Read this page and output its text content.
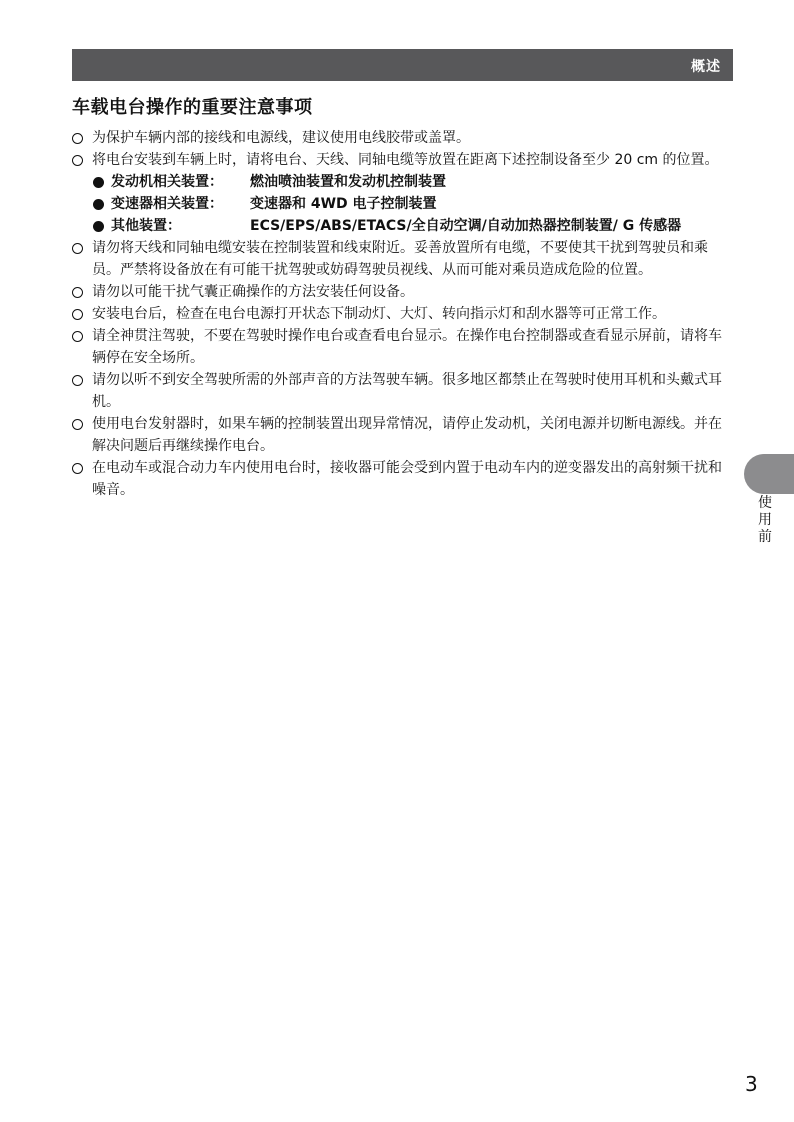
概述
车载电台操作的重要注意事项
为保护车辆内部的接线和电源线，建议使用电线胶带或盖罩。
将电台安装到车辆上时，请将电台、天线、同轴电缆等放置在距离下述控制设备至少 20 cm 的位置。
发动机相关装置：	燃油喷油装置和发动机控制装置
变速器相关装置：	变速器和 4WD 电子控制装置
其他装置：	ECS/EPS/ABS/ETACS/全自动空调/自动加热器控制装置/ G 传感器
请勿将天线和同轴电缆安装在控制装置和线束附近。妥善放置所有电缆，不要使其干扰到驾驶员和乘员。严禁将设备放在有可能干扰驾驶或妨碍驾驶员视线、从而可能对乘员造成危险的位置。
请勿以可能干扰气囊正确操作的方法安装任何设备。
安装电台后，检查在电台电源打开状态下制动灯、大灯、转向指示灯和刮水器等可正常工作。
请全神贯注驾驶，不要在驾驶时操作电台或查看电台显示。在操作电台控制器或查看显示屏前，请将车辆停在安全场所。
请勿以听不到安全驾驶所需的外部声音的方法驾驶车辆。很多地区都禁止在驾驶时使用耳机和头戴式耳机。
使用电台发射器时，如果车辆的控制装置出现异常情况，请停止发动机，关闭电源并切断电源线。并在解决问题后再继续操作电台。
在电动车或混合动力车内使用电台时，接收器可能会受到内置于电动车内的逆变器发出的高射频干扰和噪音。
使用前
3
